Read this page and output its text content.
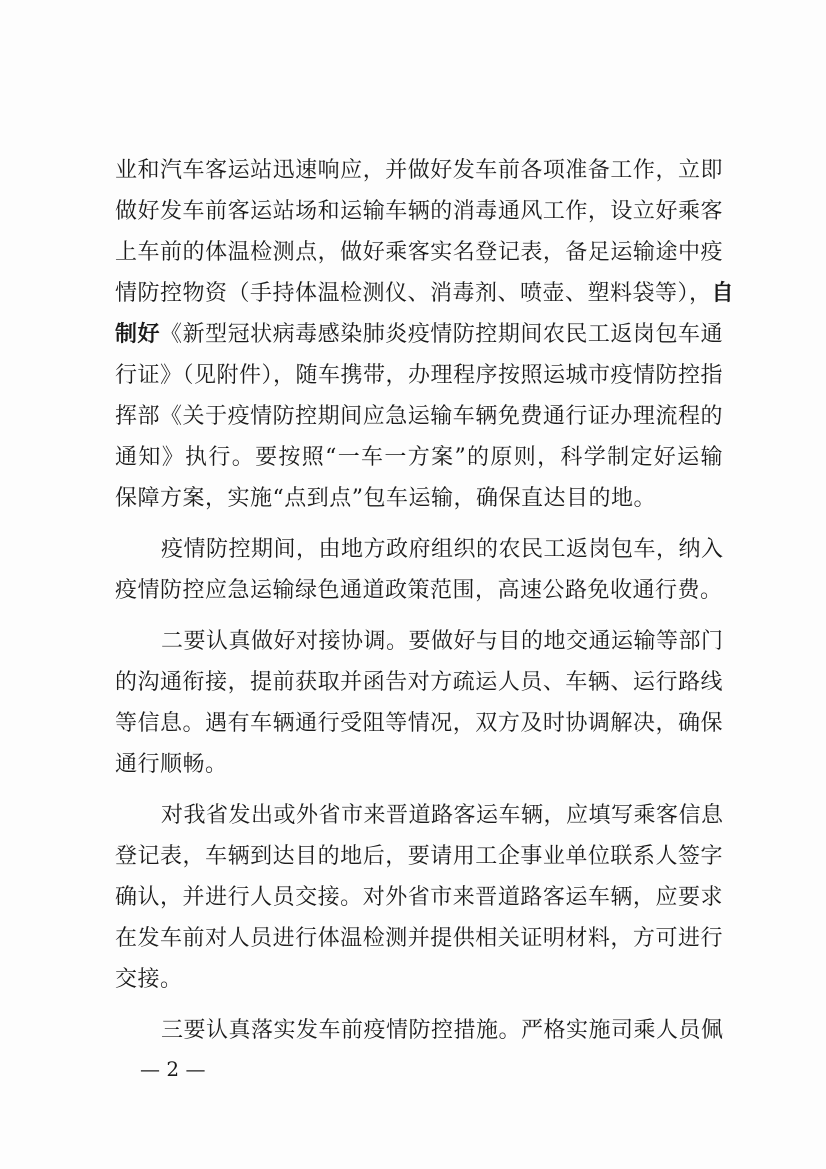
业和汽车客运站迅速响应，并做好发车前各项准备工作，立即
做好发车前客运站场和运输车辆的消毒通风工作，设立好乘客
上车前的体温检测点，做好乘客实名登记表，备足运输途中疫
情防控物资（手持体温检测仪、消毒剂、喷壶、塑料袋等），自
制好《新型冠状病毒感染肺炎疫情防控期间农民工返岗包车通
行证》（见附件），随车携带，办理程序按照运城市疫情防控指
挥部《关于疫情防控期间应急运输车辆免费通行证办理流程的
通知》执行。要按照“一车一方案”的原则，科学制定好运输
保障方案，实施“点到点”包车运输，确保直达目的地。
疫情防控期间，由地方政府组织的农民工返岗包车，纳入
疫情防控应急运输绿色通道政策范围，高速公路免收通行费。
二要认真做好对接协调。要做好与目的地交通运输等部门
的沟通衔接，提前获取并函告对方疏运人员、车辆、运行路线
等信息。遇有车辆通行受阻等情况，双方及时协调解决，确保
通行顺畅。
对我省发出或外省市来晋道路客运车辆，应填写乘客信息
登记表，车辆到达目的地后，要请用工企事业单位联系人签字
确认，并进行人员交接。对外省市来晋道路客运车辆，应要求
在发车前对人员进行体温检测并提供相关证明材料，方可进行
交接。
三要认真落实发车前疫情防控措施。严格实施司乘人员佩
— 2 —
